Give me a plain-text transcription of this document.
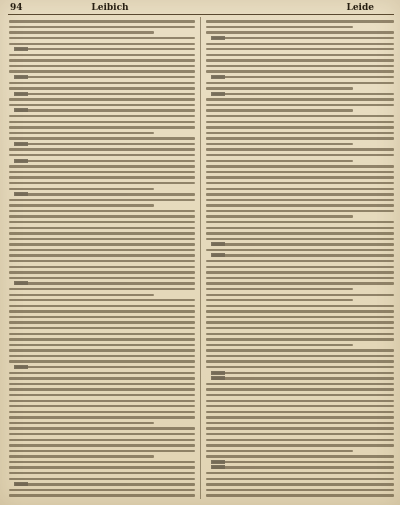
94	Leibich	Leide
